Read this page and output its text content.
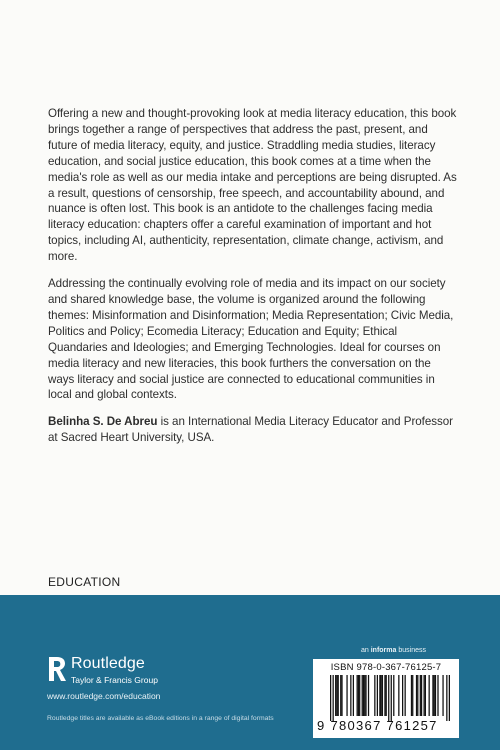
Offering a new and thought-provoking look at media literacy education, this book brings together a range of perspectives that address the past, present, and future of media literacy, equity, and justice. Straddling media studies, literacy education, and social justice education, this book comes at a time when the media's role as well as our media intake and perceptions are being disrupted. As a result, questions of censorship, free speech, and accountability abound, and nuance is often lost. This book is an antidote to the challenges facing media literacy education: chapters offer a careful examination of important and hot topics, including AI, authenticity, representation, climate change, activism, and more.

Addressing the continually evolving role of media and its impact on our society and shared knowledge base, the volume is organized around the following themes: Misinformation and Disinformation; Media Representation; Civic Media, Politics and Policy; Ecomedia Literacy; Education and Equity; Ethical Quandaries and Ideologies; and Emerging Technologies. Ideal for courses on media literacy and new literacies, this book furthers the conversation on the ways literacy and social justice are connected to educational communities in local and global contexts.

Belinha S. De Abreu is an International Media Literacy Educator and Professor at Sacred Heart University, USA.

EDUCATION
an informa business
Routledge
Taylor & Francis Group
www.routledge.com/education
Routledge titles are available as eBook editions in a range of digital formats
ISBN 978-0-367-76125-7
9 780367 761257
